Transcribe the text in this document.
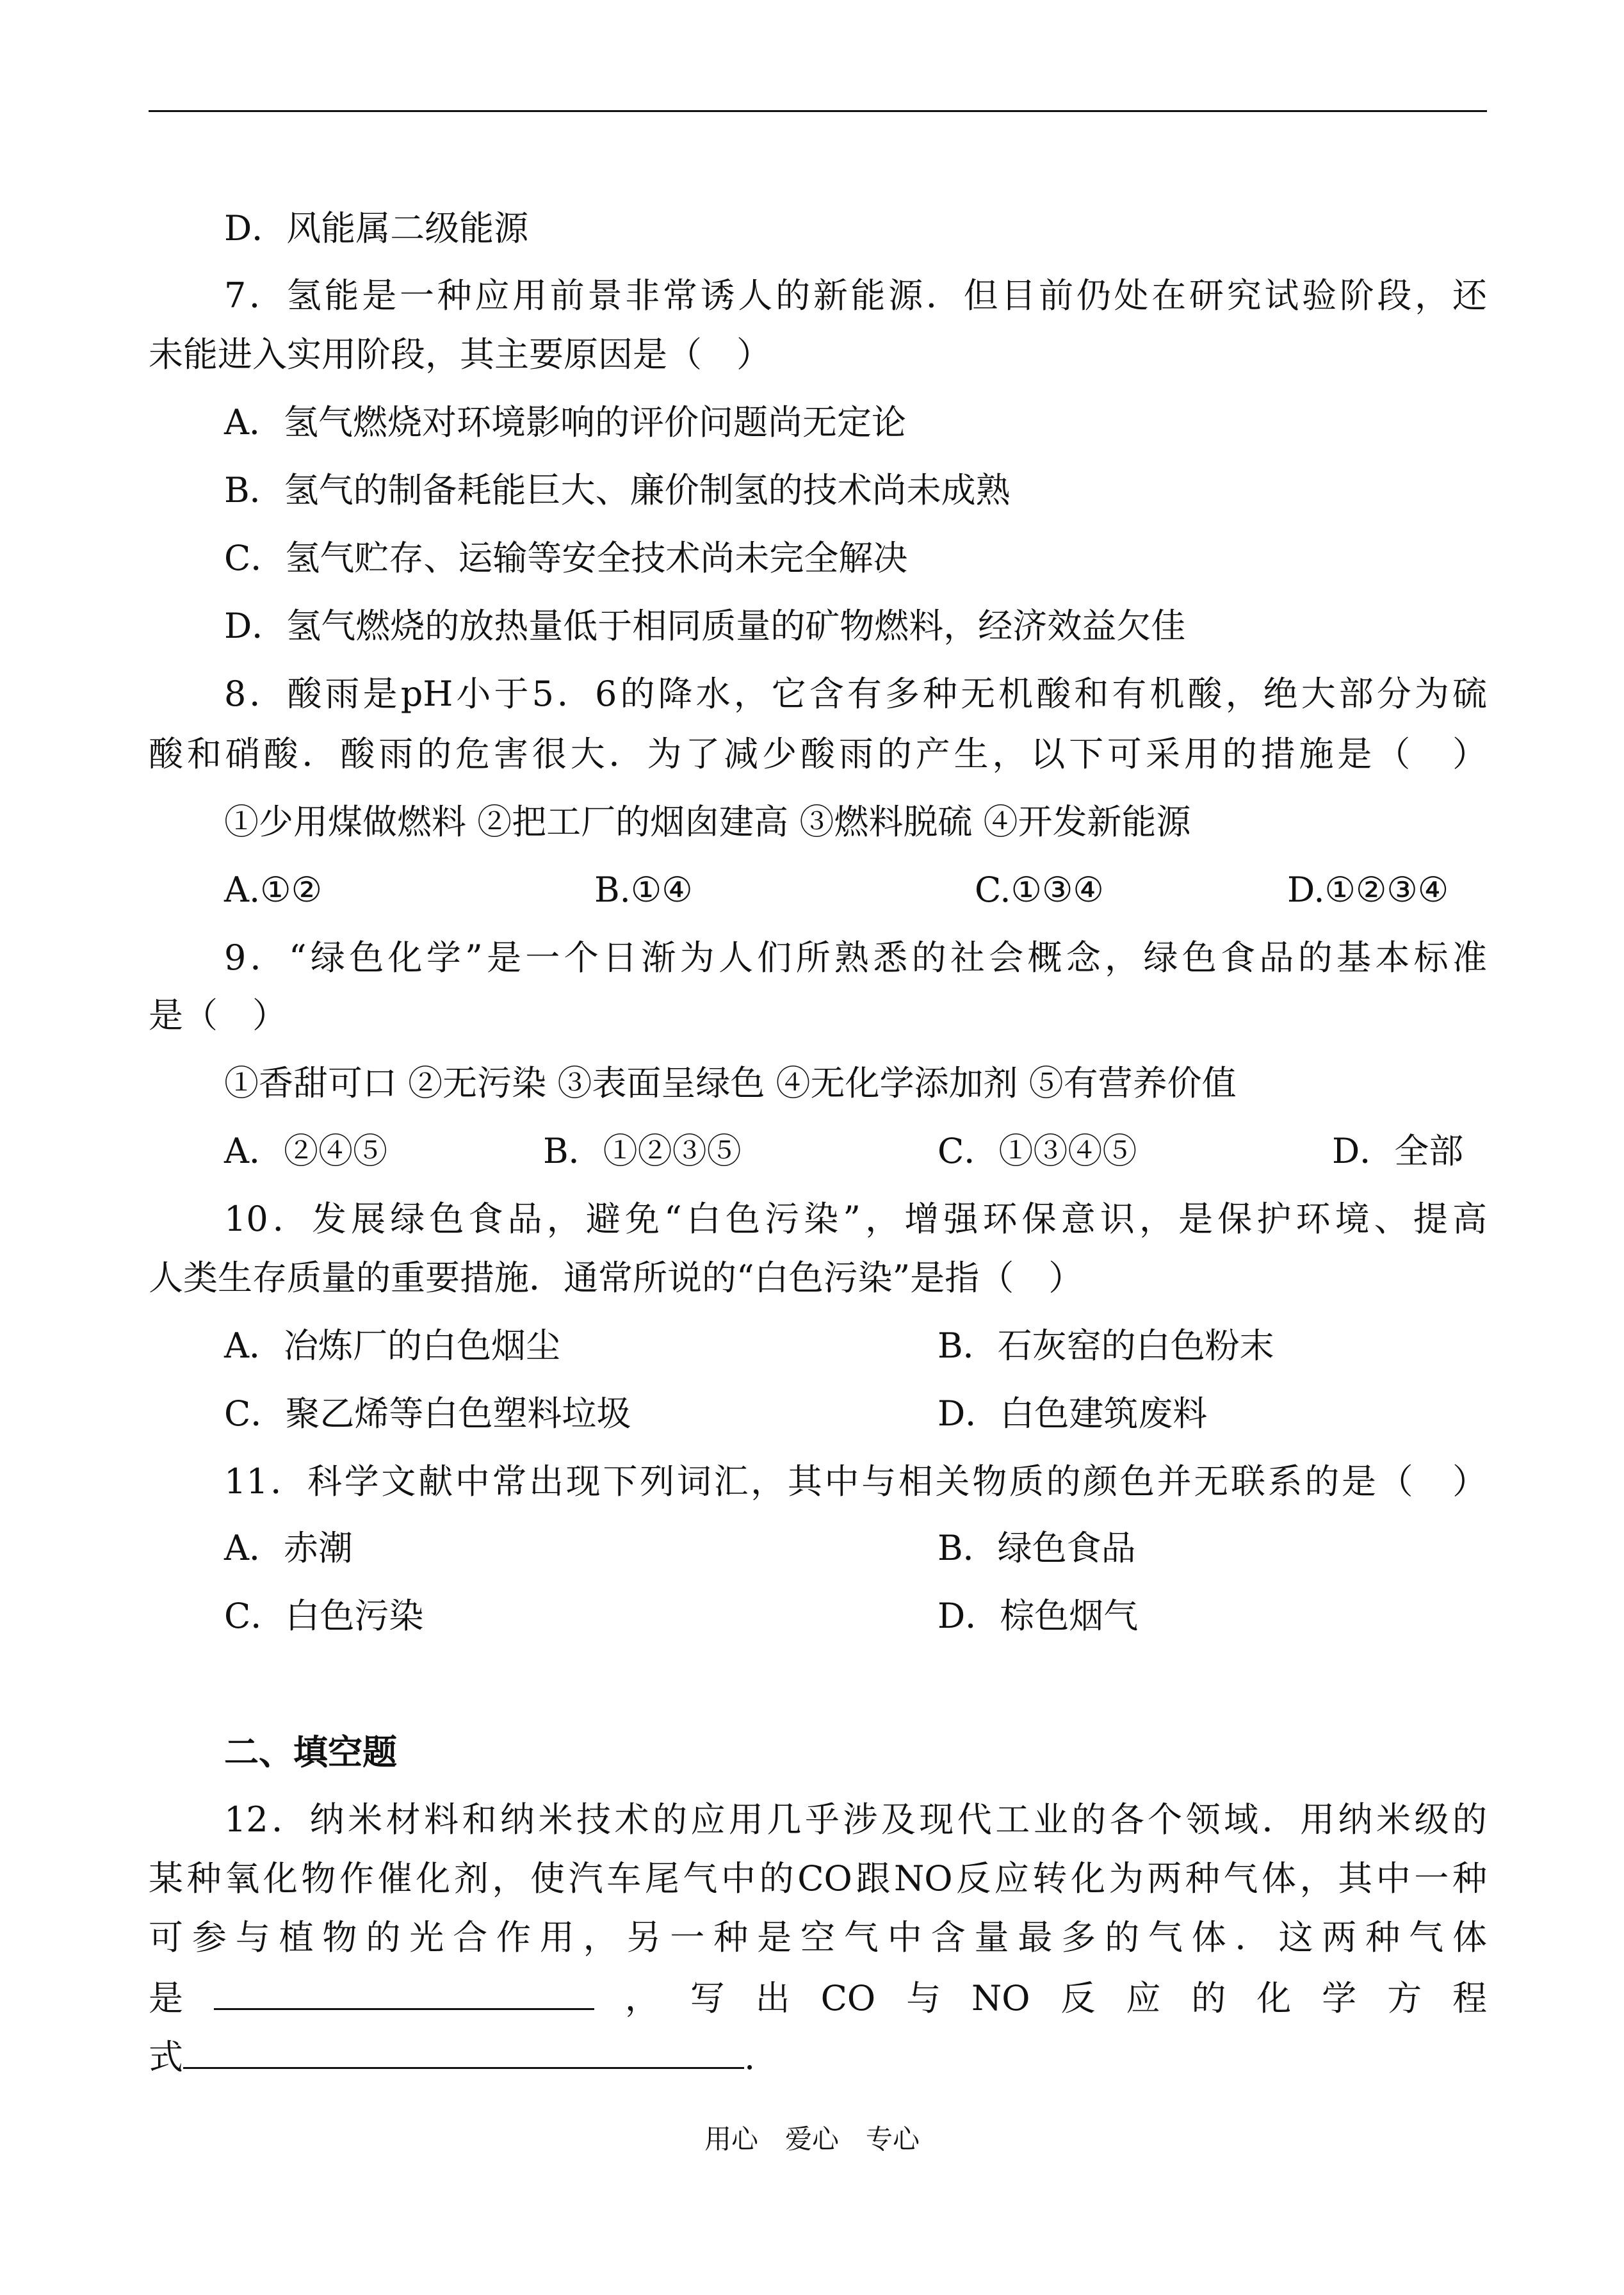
D．风能属二级能源
7．氢能是一种应用前景非常诱人的新能源．但目前仍处在研究试验阶段，还
未能进入实用阶段，其主要原因是（　）
A．氢气燃烧对环境影响的评价问题尚无定论
B．氢气的制备耗能巨大、廉价制氢的技术尚未成熟
C．氢气贮存、运输等安全技术尚未完全解决
D．氢气燃烧的放热量低于相同质量的矿物燃料，经济效益欠佳
8．酸雨是pH小于5．6的降水，它含有多种无机酸和有机酸，绝大部分为硫
酸和硝酸．酸雨的危害很大．为了减少酸雨的产生，以下可采用的措施是（　）
①少用煤做燃料 ②把工厂的烟囱建高 ③燃料脱硫 ④开发新能源
A.①②	B.①④	C.①③④	D.①②③④
9．“绿色化学”是一个日渐为人们所熟悉的社会概念，绿色食品的基本标准
是（　）
①香甜可口 ②无污染 ③表面呈绿色 ④无化学添加剂 ⑤有营养价值
A．②④⑤	B．①②③⑤	C．①③④⑤	D．全部
10．发展绿色食品，避免“白色污染”，增强环保意识，是保护环境、提高
人类生存质量的重要措施．通常所说的“白色污染”是指（　）
A．冶炼厂的白色烟尘	B．石灰窑的白色粉末
C．聚乙烯等白色塑料垃圾	D．白色建筑废料
11．科学文献中常出现下列词汇，其中与相关物质的颜色并无联系的是（　）
A．赤潮	B．绿色食品
C．白色污染	D．棕色烟气
二、填空题
12．纳米材料和纳米技术的应用几乎涉及现代工业的各个领域．用纳米级的
某种氧化物作催化剂，使汽车尾气中的CO跟NO反应转化为两种气体，其中一种
可参与植物的光合作用，另一种是空气中含量最多的气体．这两种气体
是	，写出CO与NO反应的化学方程
式	.
用心　爱心　专心
